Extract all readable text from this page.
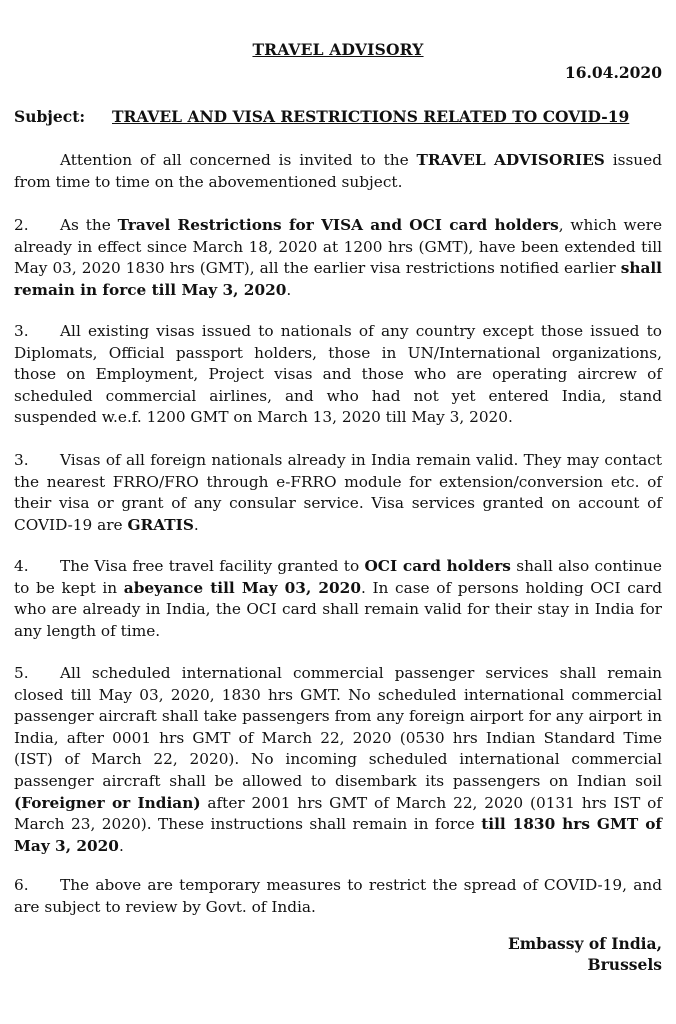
TRAVEL ADVISORY
16.04.2020
Subject: TRAVEL AND VISA RESTRICTIONS RELATED TO COVID-19
Attention of all concerned is invited to the TRAVEL ADVISORIES issued from time to time on the abovementioned subject.
2. As the Travel Restrictions for VISA and OCI card holders, which were already in effect since March 18, 2020 at 1200 hrs (GMT), have been extended till May 03, 2020 1830 hrs (GMT), all the earlier visa restrictions notified earlier shall remain in force till May 3, 2020.
3. All existing visas issued to nationals of any country except those issued to Diplomats, Official passport holders, those in UN/International organizations, those on Employment, Project visas and those who are operating aircrew of scheduled commercial airlines, and who had not yet entered India, stand suspended w.e.f. 1200 GMT on March 13, 2020 till May 3, 2020.
3. Visas of all foreign nationals already in India remain valid. They may contact the nearest FRRO/FRO through e-FRRO module for extension/conversion etc. of their visa or grant of any consular service. Visa services granted on account of COVID-19 are GRATIS.
4. The Visa free travel facility granted to OCI card holders shall also continue to be kept in abeyance till May 03, 2020. In case of persons holding OCI card who are already in India, the OCI card shall remain valid for their stay in India for any length of time.
5. All scheduled international commercial passenger services shall remain closed till May 03, 2020, 1830 hrs GMT. No scheduled international commercial passenger aircraft shall take passengers from any foreign airport for any airport in India, after 0001 hrs GMT of March 22, 2020 (0530 hrs Indian Standard Time (IST) of March 22, 2020). No incoming scheduled international commercial passenger aircraft shall be allowed to disembark its passengers on Indian soil (Foreigner or Indian) after 2001 hrs GMT of March 22, 2020 (0131 hrs IST of March 23, 2020). These instructions shall remain in force till 1830 hrs GMT of May 3, 2020.
6. The above are temporary measures to restrict the spread of COVID-19, and are subject to review by Govt. of India.
Embassy of India,
Brussels
